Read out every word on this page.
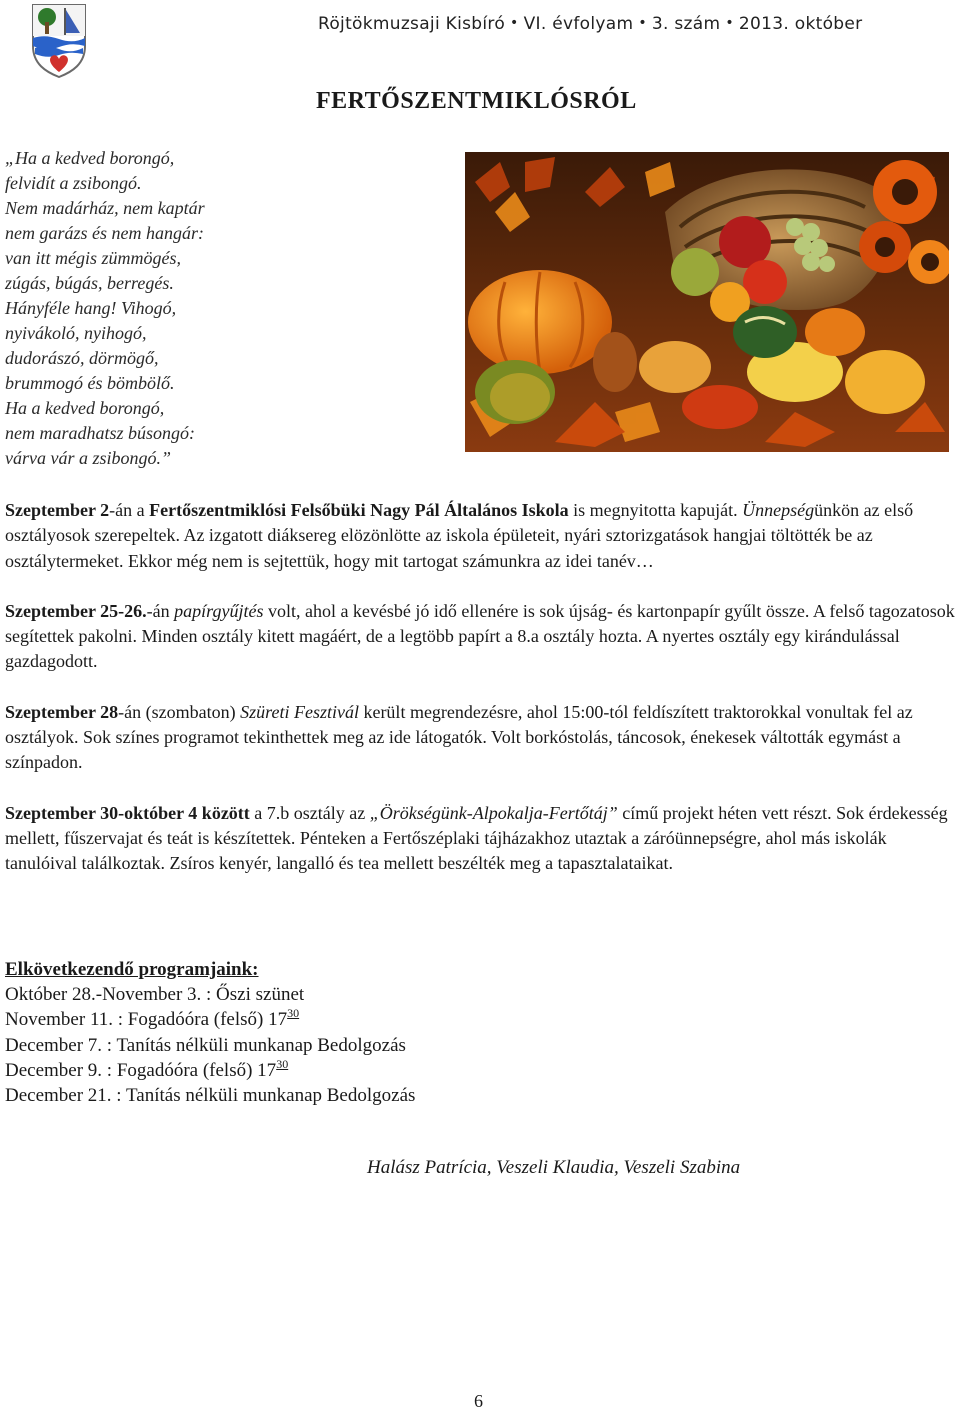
Röjtökmuzsaji Kisbíró • VI. évfolyam • 3. szám • 2013. október
FERTŐSZENTMIKLÓSRÓL
„Ha a kedved borongó,
felvidít a zsibongó.
Nem madárház, nem kaptár
nem garázs és nem hangár:
van itt mégis zümmögés,
zúgás, búgás, berregés.
Hányféle hang! Vihogó,
nyivákoló, nyihogó,
dudorászó, dörmögő,
brummogó és bömbölő.
Ha a kedved borongó,
nem maradhatsz búsongó:
várva vár a zsibongó.”

Szeptember 2-án a Fertőszentmiklósi Felsőbüki Nagy Pál Általános Iskola is megnyitotta kapuját. Ünnepségünkön az első osztályosok szerepeltek. Az izgatott diáksereg elözönlötte az iskola épületeit, nyári sztorizgatások hangjai töltötték be az osztálytermeket. Ekkor még nem is sejtettük, hogy mit tartogat számunkra az idei tanév…

Szeptember 25-26.-án papírgyűjtés volt, ahol a kevésbé jó idő ellenére is sok újság- és kartonpapír gyűlt össze. A felső tagozatosok segítettek pakolni. Minden osztály kitett magáért, de a legtöbb papírt a 8.a osztály hozta. A nyertes osztály egy kirándulással gazdagodott.

Szeptember 28-án (szombaton) Szüreti Fesztivál került megrendezésre, ahol 15:00-tól feldíszített traktorokkal vonultak fel az osztályok. Sok színes programot tekinthettek meg az ide látogatók. Volt borkóstolás, táncosok, énekesek váltották egymást a színpadon.

Szeptember 30-október 4 között a 7.b osztály az „Örökségünk-Alpokalja-Fertőtáj” című projekt héten vett részt. Sok érdekesség mellett, fűszervajat és teát is készítettek. Pénteken a Fertőszéplaki tájházakhoz utaztak a záróünnepségre, ahol más iskolák tanulóival találkoztak. Zsíros kenyér, langalló és tea mellett beszélték meg a tapasztalataikat.

Elkövetkezendő programjaink:
Október 28.-November 3. : Őszi szünet
November 11. : Fogadóóra (felső) $17^{30}$
December 7. : Tanítás nélküli munkanap Bedolgozás
December 9. : Fogadóóra (felső) $17^{30}$
December 21. : Tanítás nélküli munkanap Bedolgozás
Halász Patrícia, Veszeli Klaudia, Veszeli Szabina
6
